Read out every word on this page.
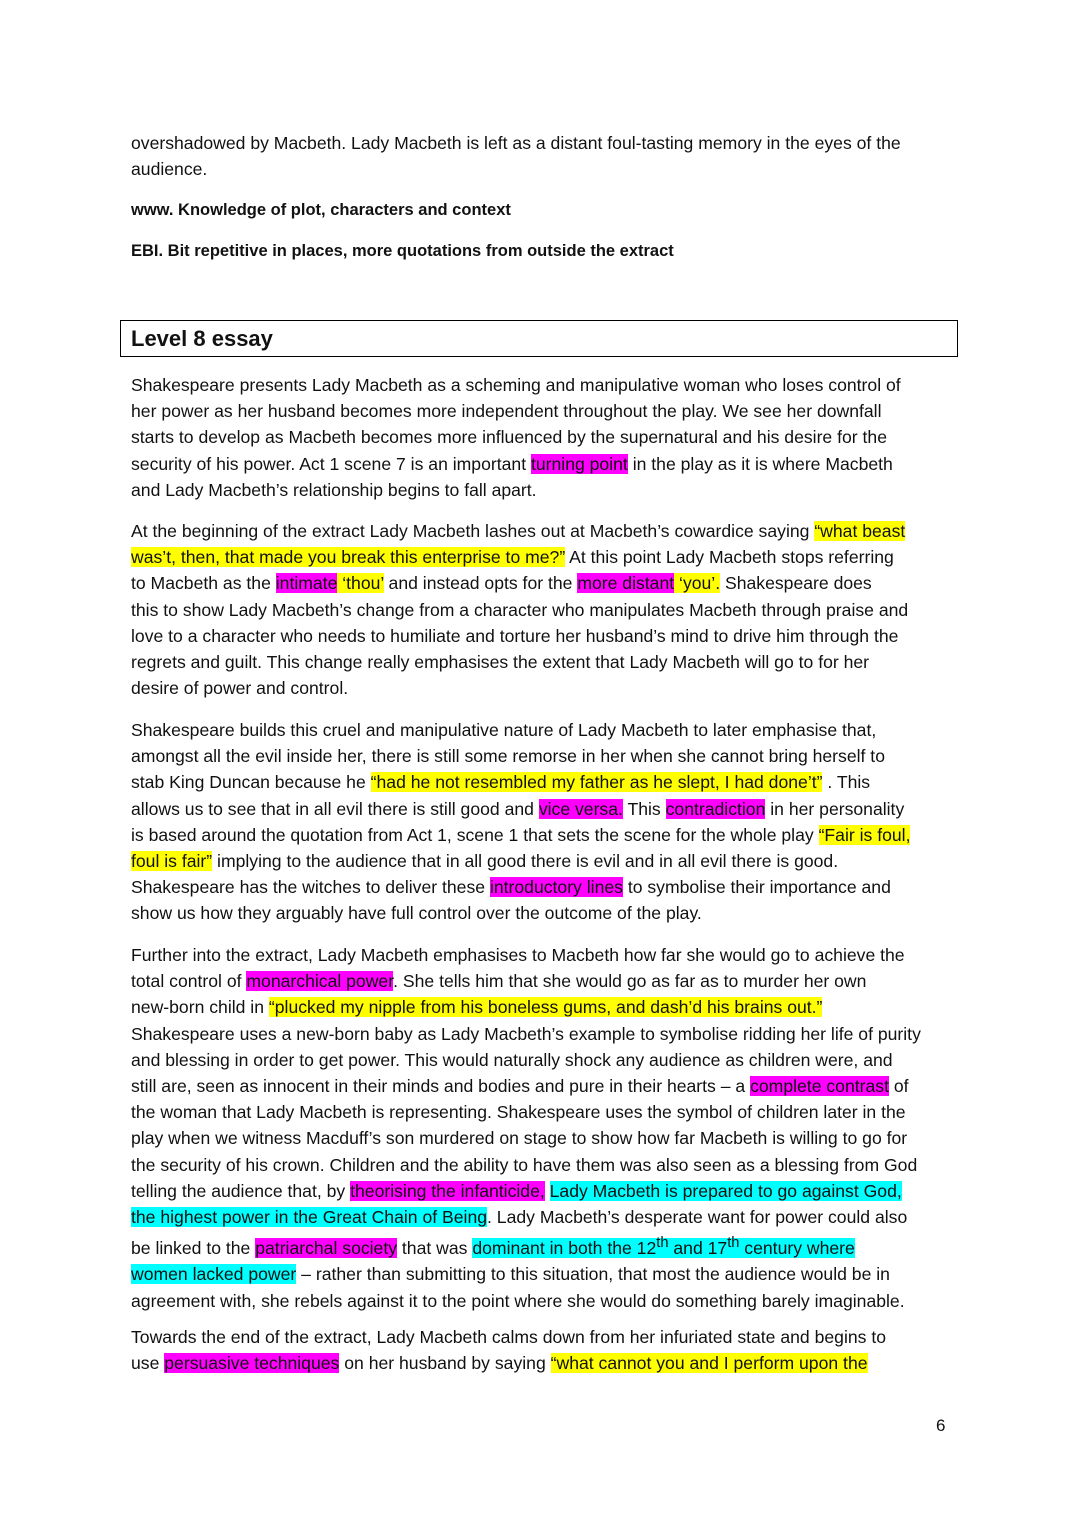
overshadowed by Macbeth. Lady Macbeth is left as a distant foul-tasting memory in the eyes of the
audience.

www. Knowledge of plot, characters and context

EBI. Bit repetitive in places, more quotations from outside the extract

Level 8 essay

Shakespeare presents Lady Macbeth as a scheming and manipulative woman who loses control of
her power as her husband becomes more independent throughout the play. We see her downfall
starts to develop as Macbeth becomes more influenced by the supernatural and his desire for the
security of his power. Act 1 scene 7 is an important turning point in the play as it is where Macbeth
and Lady Macbeth’s relationship begins to fall apart.

At the beginning of the extract Lady Macbeth lashes out at Macbeth’s cowardice saying “what beast
was’t, then, that made you break this enterprise to me?” At this point Lady Macbeth stops referring
to Macbeth as the intimate ‘thou’ and instead opts for the more distant ‘you’. Shakespeare does
this to show Lady Macbeth’s change from a character who manipulates Macbeth through praise and
love to a character who needs to humiliate and torture her husband’s mind to drive him through the
regrets and guilt. This change really emphasises the extent that Lady Macbeth will go to for her
desire of power and control.

Shakespeare builds this cruel and manipulative nature of Lady Macbeth to later emphasise that,
amongst all the evil inside her, there is still some remorse in her when she cannot bring herself to
stab King Duncan because he “had he not resembled my father as he slept, I had done’t” . This
allows us to see that in all evil there is still good and vice versa. This contradiction in her personality
is based around the quotation from Act 1, scene 1 that sets the scene for the whole play “Fair is foul,
foul is fair” implying to the audience that in all good there is evil and in all evil there is good.
Shakespeare has the witches to deliver these introductory lines to symbolise their importance and
show us how they arguably have full control over the outcome of the play.

Further into the extract, Lady Macbeth emphasises to Macbeth how far she would go to achieve the
total control of monarchical power. She tells him that she would go as far as to murder her own
new-born child in “plucked my nipple from his boneless gums, and dash’d his brains out.”
Shakespeare uses a new-born baby as Lady Macbeth’s example to symbolise ridding her life of purity
and blessing in order to get power. This would naturally shock any audience as children were, and
still are, seen as innocent in their minds and bodies and pure in their hearts – a complete contrast of
the woman that Lady Macbeth is representing. Shakespeare uses the symbol of children later in the
play when we witness Macduff’s son murdered on stage to show how far Macbeth is willing to go for
the security of his crown. Children and the ability to have them was also seen as a blessing from God
telling the audience that, by theorising the infanticide, Lady Macbeth is prepared to go against God,
the highest power in the Great Chain of Being. Lady Macbeth’s desperate want for power could also
be linked to the patriarchal society that was dominant in both the 12th and 17th century where
women lacked power – rather than submitting to this situation, that most the audience would be in
agreement with, she rebels against it to the point where she would do something barely imaginable.

Towards the end of the extract, Lady Macbeth calms down from her infuriated state and begins to
use persuasive techniques on her husband by saying “what cannot you and I perform upon the

6
